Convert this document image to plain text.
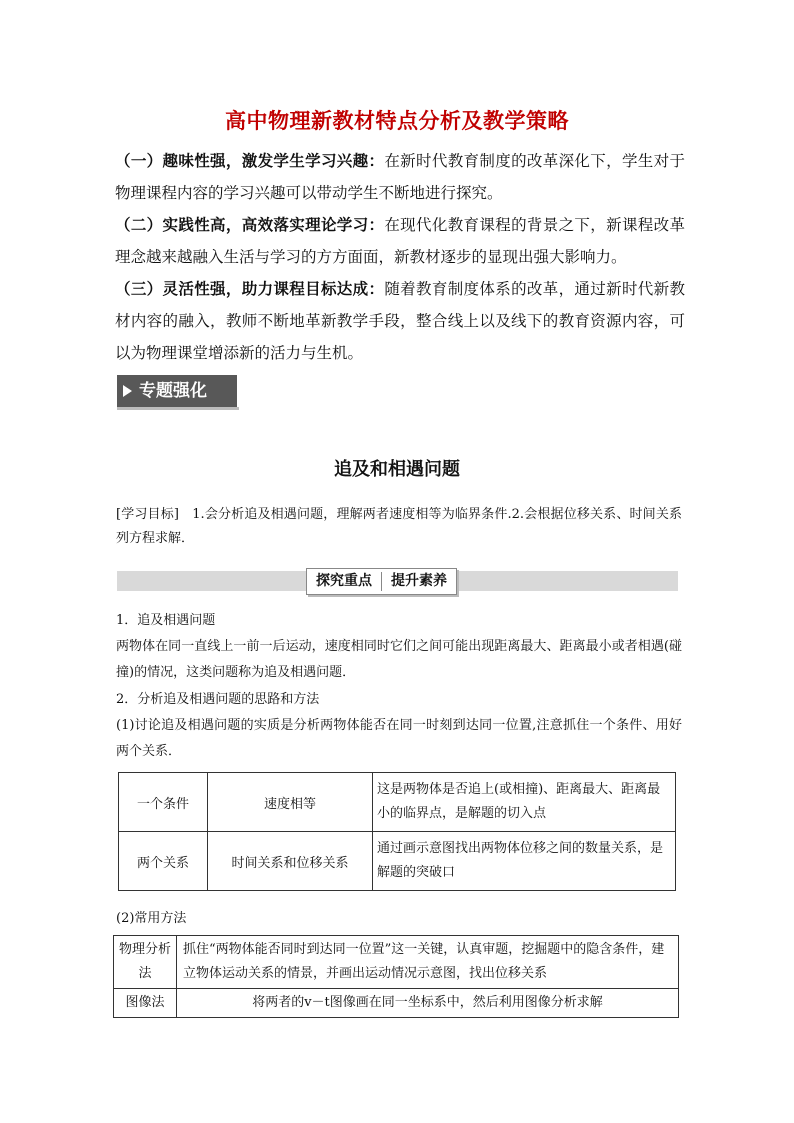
高中物理新教材特点分析及教学策略
（一）趣味性强，激发学生学习兴趣：在新时代教育制度的改革深化下，学生对于物理课程内容的学习兴趣可以带动学生不断地进行探究。
（二）实践性高，高效落实理论学习：在现代化教育课程的背景之下，新课程改革理念越来越融入生活与学习的方方面面，新教材逐步的显现出强大影响力。
（三）灵活性强，助力课程目标达成：随着教育制度体系的改革，通过新时代新教材内容的融入，教师不断地革新教学手段，整合线上以及线下的教育资源内容，可以为物理课堂增添新的活力与生机。
专题强化
追及和相遇问题
[学习目标]　1.会分析追及相遇问题，理解两者速度相等为临界条件.2.会根据位移关系、时间关系列方程求解．
探究重点	提升素养
1．追及相遇问题
两物体在同一直线上一前一后运动，速度相同时它们之间可能出现距离最大、距离最小或者相遇(碰撞)的情况，这类问题称为追及相遇问题．
2．分析追及相遇问题的思路和方法
(1)讨论追及相遇问题的实质是分析两物体能否在同一时刻到达同一位置,注意抓住一个条件、用好两个关系．
一个条件	速度相等	这是两物体是否追上(或相撞)、距离最大、距离最小的临界点，是解题的切入点
两个关系	时间关系和位移关系	通过画示意图找出两物体位移之间的数量关系，是解题的突破口
(2)常用方法
物理分析法	抓住“两物体能否同时到达同一位置”这一关键，认真审题，挖掘题中的隐含条件，建立物体运动关系的情景，并画出运动情况示意图，找出位移关系
图像法	将两者的v－t图像画在同一坐标系中，然后利用图像分析求解
